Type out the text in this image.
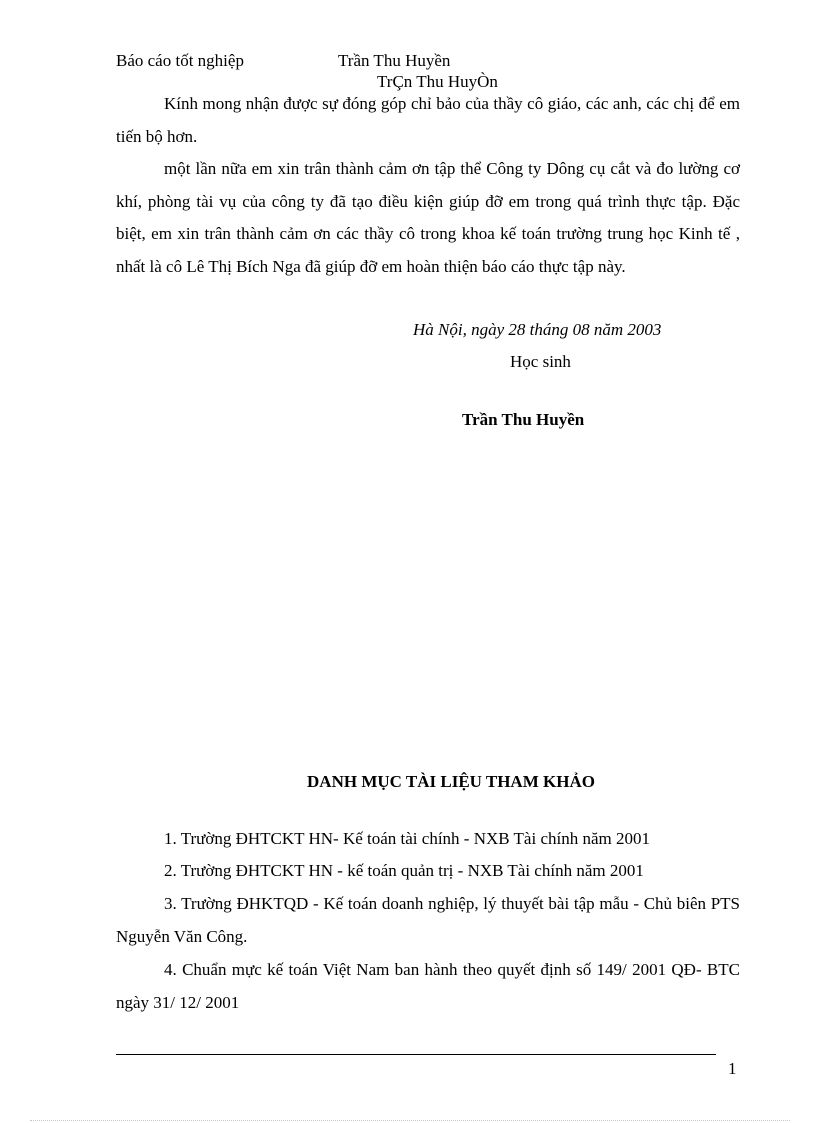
Báo cáo tốt nghiệp	Trần Thu Huyền
TrÇn Thu HuyÒn
Kính mong nhận được sự đóng góp chỉ bảo của thầy cô giáo, các anh, các chị để em tiến bộ hơn.
một lần nữa em xin trân thành cảm ơn tập thể Công ty Dông cụ cắt và đo lường cơ khí, phòng tài vụ của công ty đã tạo điều kiện giúp đỡ em trong quá trình thực tập. Đặc biệt, em xin trân thành cảm ơn các thầy cô trong khoa kế toán trường trung học Kinh tế , nhất là cô Lê Thị Bích Nga đã giúp đỡ em hoàn thiện báo cáo thực tập này.
Hà Nội, ngày 28 tháng 08 năm 2003
Học sinh
Trần Thu Huyền
DANH MỤC TÀI LIỆU THAM KHẢO
1. Trường ĐHTCKT HN- Kế toán tài chính - NXB Tài chính năm 2001
2. Trường ĐHTCKT HN - kế toán quản trị - NXB Tài chính năm 2001
3. Trường ĐHKTQD - Kế toán doanh nghiệp, lý thuyết bài tập mẫu - Chủ biên PTS Nguyễn Văn Công.
4. Chuẩn mực kế toán Việt Nam ban hành theo quyết định số 149/ 2001 QĐ- BTC ngày 31/ 12/ 2001
1
